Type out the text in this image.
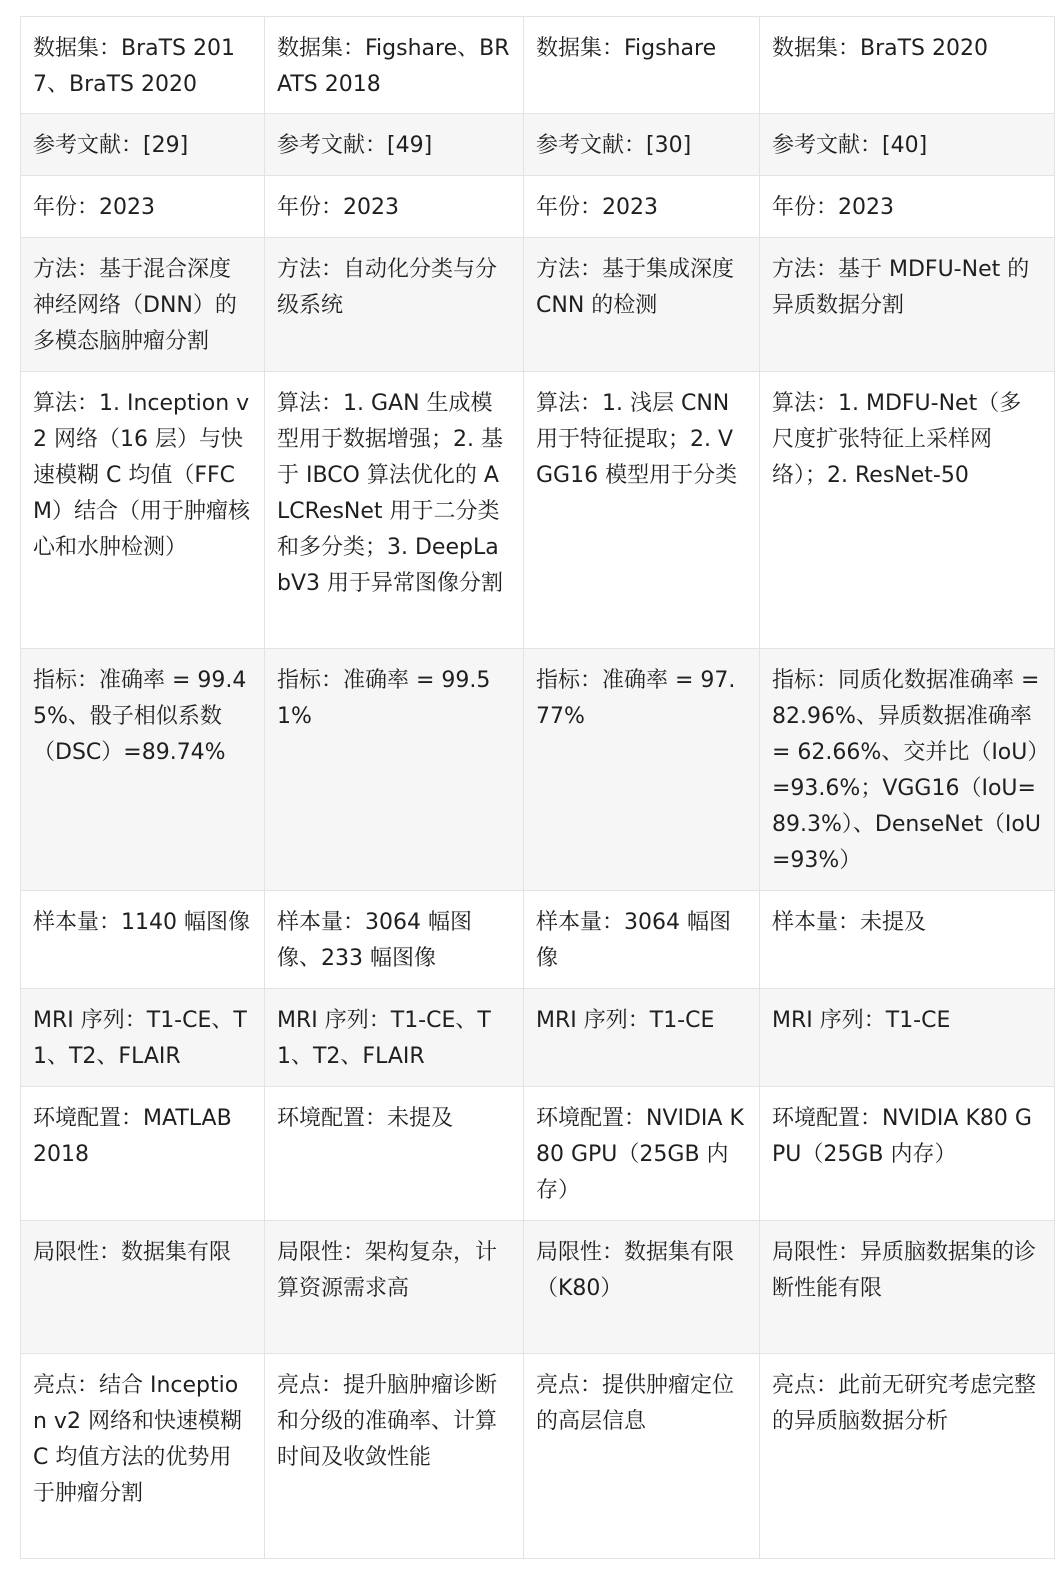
数据集：BraTS 2017、BraTS 2020	数据集：Figshare、BRATS 2018	数据集：Figshare	数据集：BraTS 2020
参考文献：[29]	参考文献：[49]	参考文献：[30]	参考文献：[40]
年份：2023	年份：2023	年份：2023	年份：2023
方法：基于混合深度神经网络（DNN）的多模态脑肿瘤分割	方法：自动化分类与分级系统	方法：基于集成深度 CNN 的检测	方法：基于 MDFU-Net 的异质数据分割
算法：1. Inception v2 网络（16 层）与快速模糊 C 均值（FFCM）结合（用于肿瘤核心和水肿检测）	算法：1. GAN 生成模型用于数据增强；2. 基于 IBCO 算法优化的 ALCResNet 用于二分类和多分类；3. DeepLabV3 用于异常图像分割	算法：1. 浅层 CNN 用于特征提取；2. VGG16 模型用于分类	算法：1. MDFU-Net（多尺度扩张特征上采样网络）；2. ResNet-50
指标：准确率 = 99.45%、骰子相似系数（DSC）=89.74%	指标：准确率 = 99.51%	指标：准确率 = 97.77%	指标：同质化数据准确率 = 82.96%、异质数据准确率 = 62.66%、交并比（IoU）=93.6%；VGG16（IoU=89.3%）、DenseNet（IoU=93%）
样本量：1140 幅图像	样本量：3064 幅图像、233 幅图像	样本量：3064 幅图像	样本量：未提及
MRI 序列：T1-CE、T1、T2、FLAIR	MRI 序列：T1-CE、T1、T2、FLAIR	MRI 序列：T1-CE	MRI 序列：T1-CE
环境配置：MATLAB 2018	环境配置：未提及	环境配置：NVIDIA K80 GPU（25GB 内存）	环境配置：NVIDIA K80 GPU（25GB 内存）
局限性：数据集有限	局限性：架构复杂，计算资源需求高	局限性：数据集有限（K80）	局限性：异质脑数据集的诊断性能有限
亮点：结合 Inception v2 网络和快速模糊 C 均值方法的优势用于肿瘤分割	亮点：提升脑肿瘤诊断和分级的准确率、计算时间及收敛性能	亮点：提供肿瘤定位的高层信息	亮点：此前无研究考虑完整的异质脑数据分析
